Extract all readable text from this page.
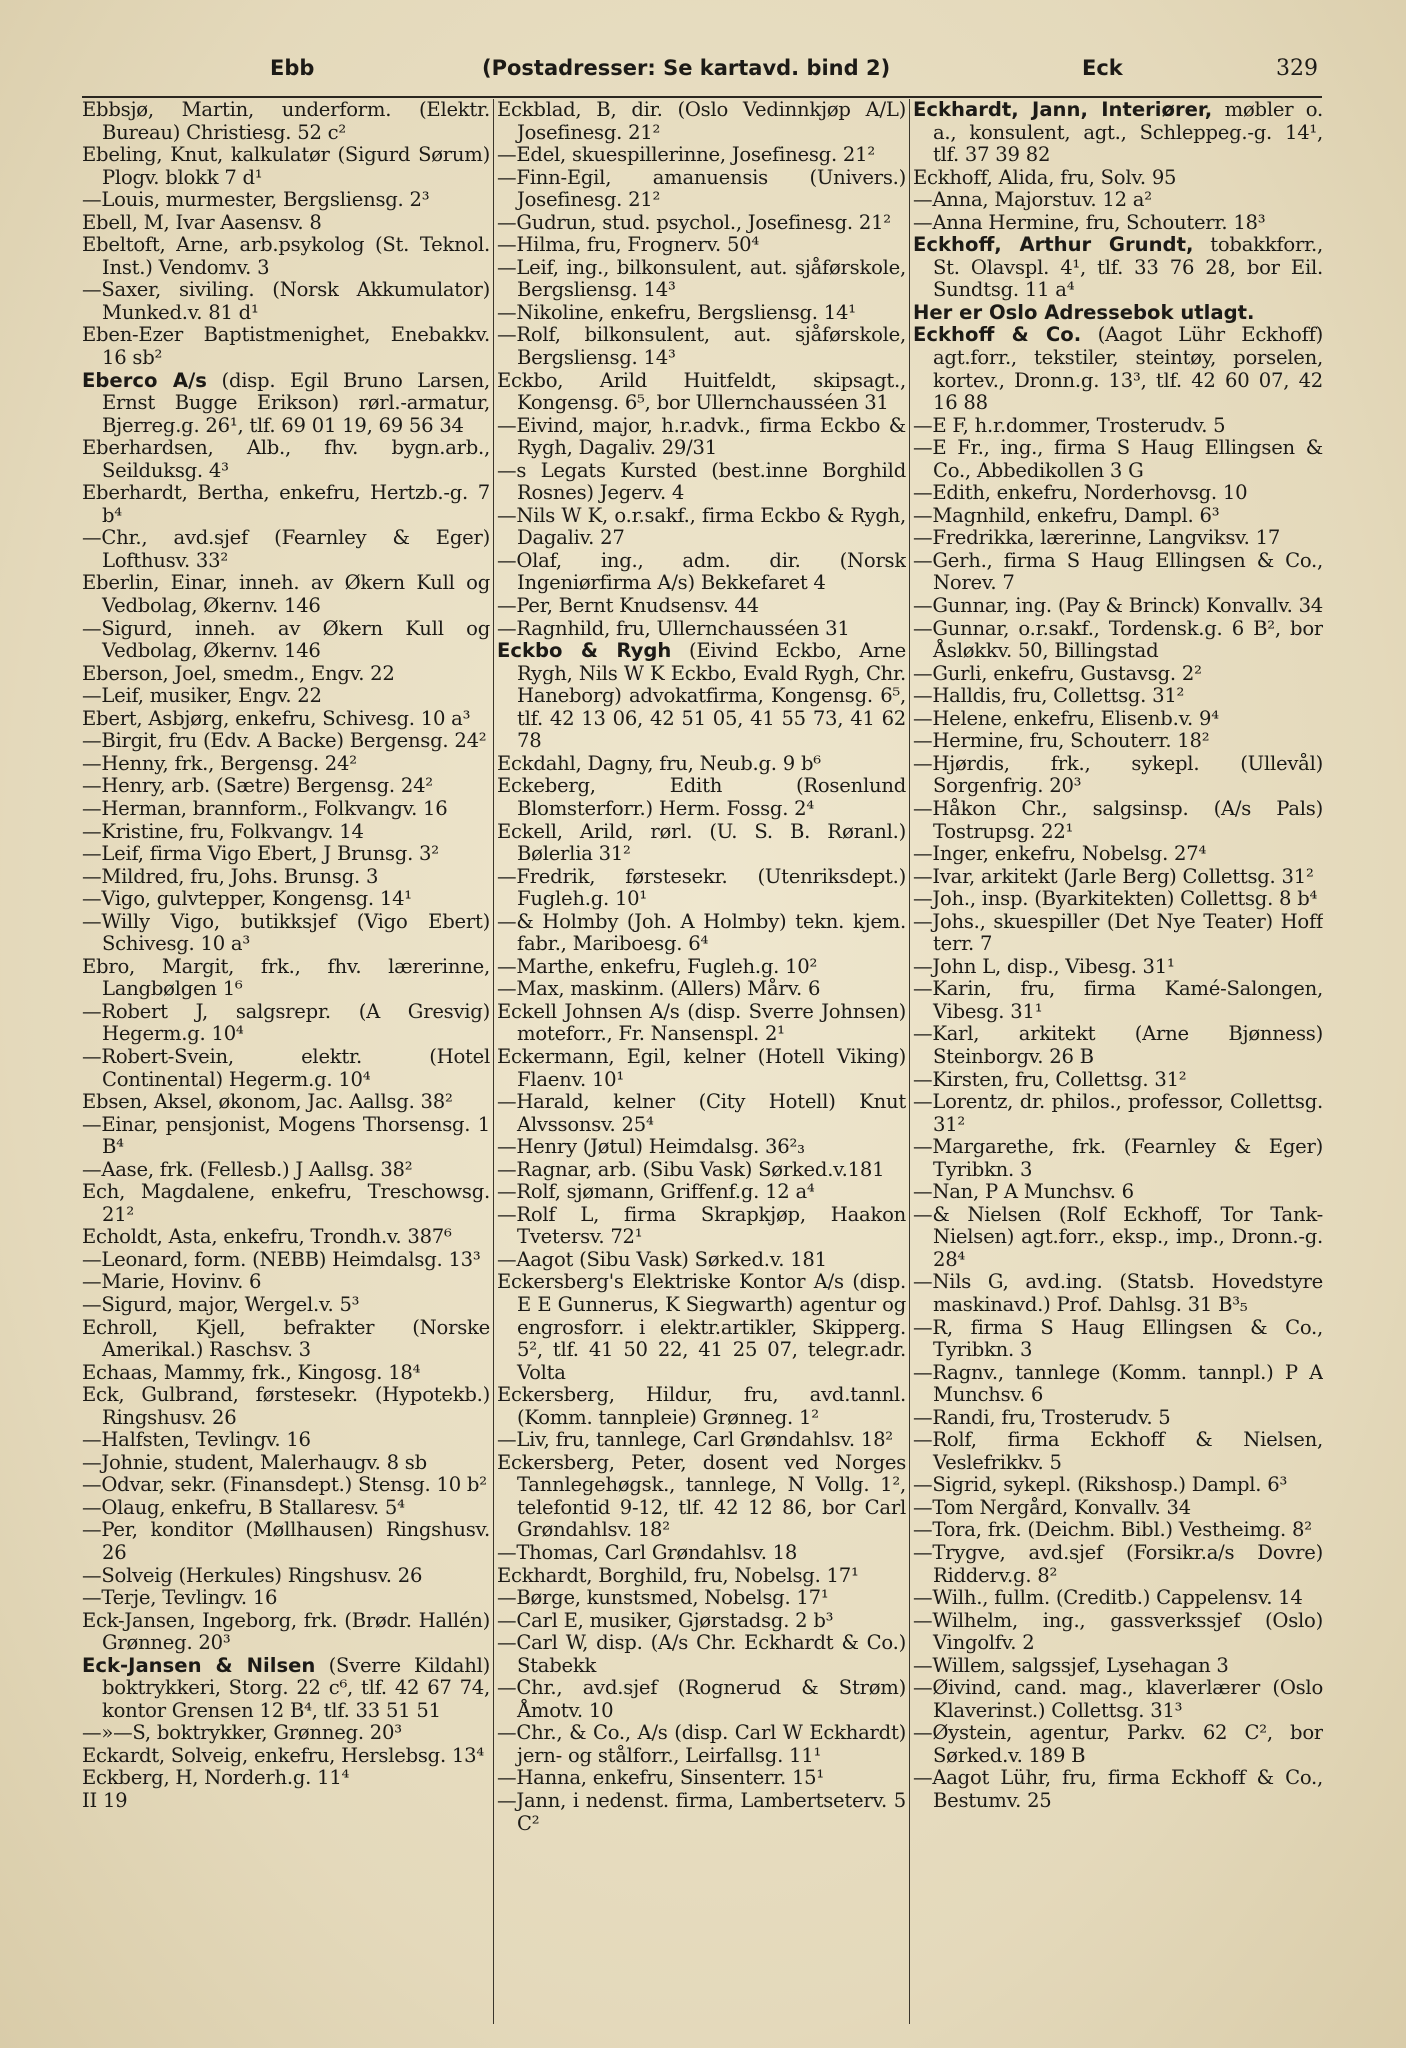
Ebb	(Postadresser: Se kartavd. bind 2)	Eck	329
Ebbsjø, Martin, underform. (Elektr. Bureau) Christiesg. 52 c²
Ebeling, Knut, kalkulatør (Sigurd Sørum) Plogv. blokk 7 d¹
—Louis, murmester, Bergsliensg. 2³
Ebell, M, Ivar Aasensv. 8
Ebeltoft, Arne, arb.psykolog (St. Teknol. Inst.) Vendomv. 3
—Saxer, siviling. (Norsk Akkumulator) Munked.v. 81 d¹
Eben-Ezer Baptistmenighet, Enebakkv. 16 sb²
Eberco A/s (disp. Egil Bruno Larsen, Ernst Bugge Erikson) rørl.-armatur, Bjerreg.g. 26¹, tlf. 69 01 19, 69 56 34
Eberhardsen, Alb., fhv. bygn.arb., Seilduksg. 4³
Eberhardt, Bertha, enkefru, Hertzb.-g. 7 b⁴
—Chr., avd.sjef (Fearnley & Eger) Lofthusv. 33²
Eberlin, Einar, inneh. av Økern Kull og Vedbolag, Økernv. 146
—Sigurd, inneh. av Økern Kull og Vedbolag, Økernv. 146
Eberson, Joel, smedm., Engv. 22
—Leif, musiker, Engv. 22
Ebert, Asbjørg, enkefru, Schivesg. 10 a³
—Birgit, fru (Edv. A Backe) Bergensg. 24²
—Henny, frk., Bergensg. 24²
—Henry, arb. (Sætre) Bergensg. 24²
—Herman, brannform., Folkvangv. 16
—Kristine, fru, Folkvangv. 14
—Leif, firma Vigo Ebert, J Brunsg. 3²
—Mildred, fru, Johs. Brunsg. 3
—Vigo, gulvtepper, Kongensg. 14¹
—Willy Vigo, butikksjef (Vigo Ebert) Schivesg. 10 a³
Ebro, Margit, frk., fhv. lærerinne, Langbølgen 1⁶
—Robert J, salgsrepr. (A Gresvig) Hegerm.g. 10⁴
—Robert-Svein, elektr. (Hotel Continental) Hegerm.g. 10⁴
Ebsen, Aksel, økonom, Jac. Aallsg. 38²
—Einar, pensjonist, Mogens Thorsensg. 1 B⁴
—Aase, frk. (Fellesb.) J Aallsg. 38²
Ech, Magdalene, enkefru, Treschowsg. 21²
Echoldt, Asta, enkefru, Trondh.v. 387⁶
—Leonard, form. (NEBB) Heimdalsg. 13³
—Marie, Hovinv. 6
—Sigurd, major, Wergel.v. 5³
Echroll, Kjell, befrakter (Norske Amerikal.) Raschsv. 3
Echaas, Mammy, frk., Kingosg. 18⁴
Eck, Gulbrand, førstesekr. (Hypotekb.) Ringshusv. 26
—Halfsten, Tevlingv. 16
—Johnie, student, Malerhaugv. 8 sb
—Odvar, sekr. (Finansdept.) Stensg. 10 b²
—Olaug, enkefru, B Stallaresv. 5⁴
—Per, konditor (Møllhausen) Ringshusv. 26
—Solveig (Herkules) Ringshusv. 26
—Terje, Tevlingv. 16
Eck-Jansen, Ingeborg, frk. (Brødr. Hallén) Grønneg. 20³
Eck-Jansen & Nilsen (Sverre Kildahl) boktrykkeri, Storg. 22 c⁶, tlf. 42 67 74, kontor Grensen 12 B⁴, tlf. 33 51 51
—»—S, boktrykker, Grønneg. 20³
Eckardt, Solveig, enkefru, Herslebsg. 13⁴
Eckberg, H, Norderh.g. 11⁴
II 19
Eckblad, B, dir. (Oslo Vedinnkjøp A/L) Josefinesg. 21²
—Edel, skuespillerinne, Josefinesg. 21²
—Finn-Egil, amanuensis (Univers.) Josefinesg. 21²
—Gudrun, stud. psychol., Josefinesg. 21²
—Hilma, fru, Frognerv. 50⁴
—Leif, ing., bilkonsulent, aut. sjåførskole, Bergsliensg. 14³
—Nikoline, enkefru, Bergsliensg. 14¹
—Rolf, bilkonsulent, aut. sjåførskole, Bergsliensg. 14³
Eckbo, Arild Huitfeldt, skipsagt., Kongensg. 6⁵, bor Ullernchausséen 31
—Eivind, major, h.r.advk., firma Eckbo & Rygh, Dagaliv. 29/31
—s Legats Kursted (best.inne Borghild Rosnes) Jegerv. 4
—Nils W K, o.r.sakf., firma Eckbo & Rygh, Dagaliv. 27
—Olaf, ing., adm. dir. (Norsk Ingeniørfirma A/s) Bekkefaret 4
—Per, Bernt Knudsensv. 44
—Ragnhild, fru, Ullernchausséen 31
Eckbo & Rygh (Eivind Eckbo, Arne Rygh, Nils W K Eckbo, Evald Rygh, Chr. Haneborg) advokatfirma, Kongensg. 6⁵, tlf. 42 13 06, 42 51 05, 41 55 73, 41 62 78
Eckdahl, Dagny, fru, Neub.g. 9 b⁶
Eckeberg, Edith (Rosenlund Blomsterforr.) Herm. Fossg. 2⁴
Eckell, Arild, rørl. (U. S. B. Røranl.) Bølerlia 31²
—Fredrik, førstesekr. (Utenriksdept.) Fugleh.g. 10¹
—& Holmby (Joh. A Holmby) tekn. kjem. fabr., Mariboesg. 6⁴
—Marthe, enkefru, Fugleh.g. 10²
—Max, maskinm. (Allers) Mårv. 6
Eckell Johnsen A/s (disp. Sverre Johnsen) moteforr., Fr. Nansenspl. 2¹
Eckermann, Egil, kelner (Hotell Viking) Flaenv. 10¹
—Harald, kelner (City Hotell) Knut Alvssonsv. 25⁴
—Henry (Jøtul) Heimdalsg. 36²₃
—Ragnar, arb. (Sibu Vask) Sørked.v.181
—Rolf, sjømann, Griffenf.g. 12 a⁴
—Rolf L, firma Skrapkjøp, Haakon Tvetersv. 72¹
—Aagot (Sibu Vask) Sørked.v. 181
Eckersberg's Elektriske Kontor A/s (disp. E E Gunnerus, K Siegwarth) agentur og engrosforr. i elektr.artikler, Skipperg. 5², tlf. 41 50 22, 41 25 07, telegr.adr. Volta
Eckersberg, Hildur, fru, avd.tannl. (Komm. tannpleie) Grønneg. 1²
—Liv, fru, tannlege, Carl Grøndahlsv. 18²
Eckersberg, Peter, dosent ved Norges Tannlegehøgsk., tannlege, N Vollg. 1², telefontid 9-12, tlf. 42 12 86, bor Carl Grøndahlsv. 18²
—Thomas, Carl Grøndahlsv. 18
Eckhardt, Borghild, fru, Nobelsg. 17¹
—Børge, kunstsmed, Nobelsg. 17¹
—Carl E, musiker, Gjørstadsg. 2 b³
—Carl W, disp. (A/s Chr. Eckhardt & Co.) Stabekk
—Chr., avd.sjef (Rognerud & Strøm) Åmotv. 10
—Chr., & Co., A/s (disp. Carl W Eckhardt) jern- og stålforr., Leirfallsg. 11¹
—Hanna, enkefru, Sinsenterr. 15¹
—Jann, i nedenst. firma, Lambertseterv. 5 C²
Eckhardt, Jann, Interiører, møbler o. a., konsulent, agt., Schleppeg.-g. 14¹, tlf. 37 39 82
Eckhoff, Alida, fru, Solv. 95
—Anna, Majorstuv. 12 a²
—Anna Hermine, fru, Schouterr. 18³
Eckhoff, Arthur Grundt, tobakkforr., St. Olavspl. 4¹, tlf. 33 76 28, bor Eil. Sundtsg. 11 a⁴
Her er Oslo Adressebok utlagt.
Eckhoff & Co. (Aagot Lühr Eckhoff) agt.forr., tekstiler, steintøy, porselen, kortev., Dronn.g. 13³, tlf. 42 60 07, 42 16 88
—E F, h.r.dommer, Trosterudv. 5
—E Fr., ing., firma S Haug Ellingsen & Co., Abbedikollen 3 G
—Edith, enkefru, Norderhovsg. 10
—Magnhild, enkefru, Dampl. 6³
—Fredrikka, lærerinne, Langviksv. 17
—Gerh., firma S Haug Ellingsen & Co., Norev. 7
—Gunnar, ing. (Pay & Brinck) Konvallv. 34
—Gunnar, o.r.sakf., Tordensk.g. 6 B², bor Åsløkkv. 50, Billingstad
—Gurli, enkefru, Gustavsg. 2²
—Halldis, fru, Collettsg. 31²
—Helene, enkefru, Elisenb.v. 9⁴
—Hermine, fru, Schouterr. 18²
—Hjørdis, frk., sykepl. (Ullevål) Sorgenfrig. 20³
—Håkon Chr., salgsinsp. (A/s Pals) Tostrupsg. 22¹
—Inger, enkefru, Nobelsg. 27⁴
—Ivar, arkitekt (Jarle Berg) Collettsg. 31²
—Joh., insp. (Byarkitekten) Collettsg. 8 b⁴
—Johs., skuespiller (Det Nye Teater) Hoff terr. 7
—John L, disp., Vibesg. 31¹
—Karin, fru, firma Kamé-Salongen, Vibesg. 31¹
—Karl, arkitekt (Arne Bjønness) Steinborgv. 26 B
—Kirsten, fru, Collettsg. 31²
—Lorentz, dr. philos., professor, Collettsg. 31²
—Margarethe, frk. (Fearnley & Eger) Tyribkn. 3
—Nan, P A Munchsv. 6
—& Nielsen (Rolf Eckhoff, Tor Tank-Nielsen) agt.forr., eksp., imp., Dronn.-g. 28⁴
—Nils G, avd.ing. (Statsb. Hovedstyre maskinavd.) Prof. Dahlsg. 31 B³₅
—R, firma S Haug Ellingsen & Co., Tyribkn. 3
—Ragnv., tannlege (Komm. tannpl.) P A Munchsv. 6
—Randi, fru, Trosterudv. 5
—Rolf, firma Eckhoff & Nielsen, Veslefrikkv. 5
—Sigrid, sykepl. (Rikshosp.) Dampl. 6³
—Tom Nergård, Konvallv. 34
—Tora, frk. (Deichm. Bibl.) Vestheimg. 8²
—Trygve, avd.sjef (Forsikr.a/s Dovre) Ridderv.g. 8²
—Wilh., fullm. (Creditb.) Cappelensv. 14
—Wilhelm, ing., gassverkssjef (Oslo) Vingolfv. 2
—Willem, salgssjef, Lysehagan 3
—Øivind, cand. mag., klaverlærer (Oslo Klaverinst.) Collettsg. 31³
—Øystein, agentur, Parkv. 62 C², bor Sørked.v. 189 B
—Aagot Lühr, fru, firma Eckhoff & Co., Bestumv. 25
